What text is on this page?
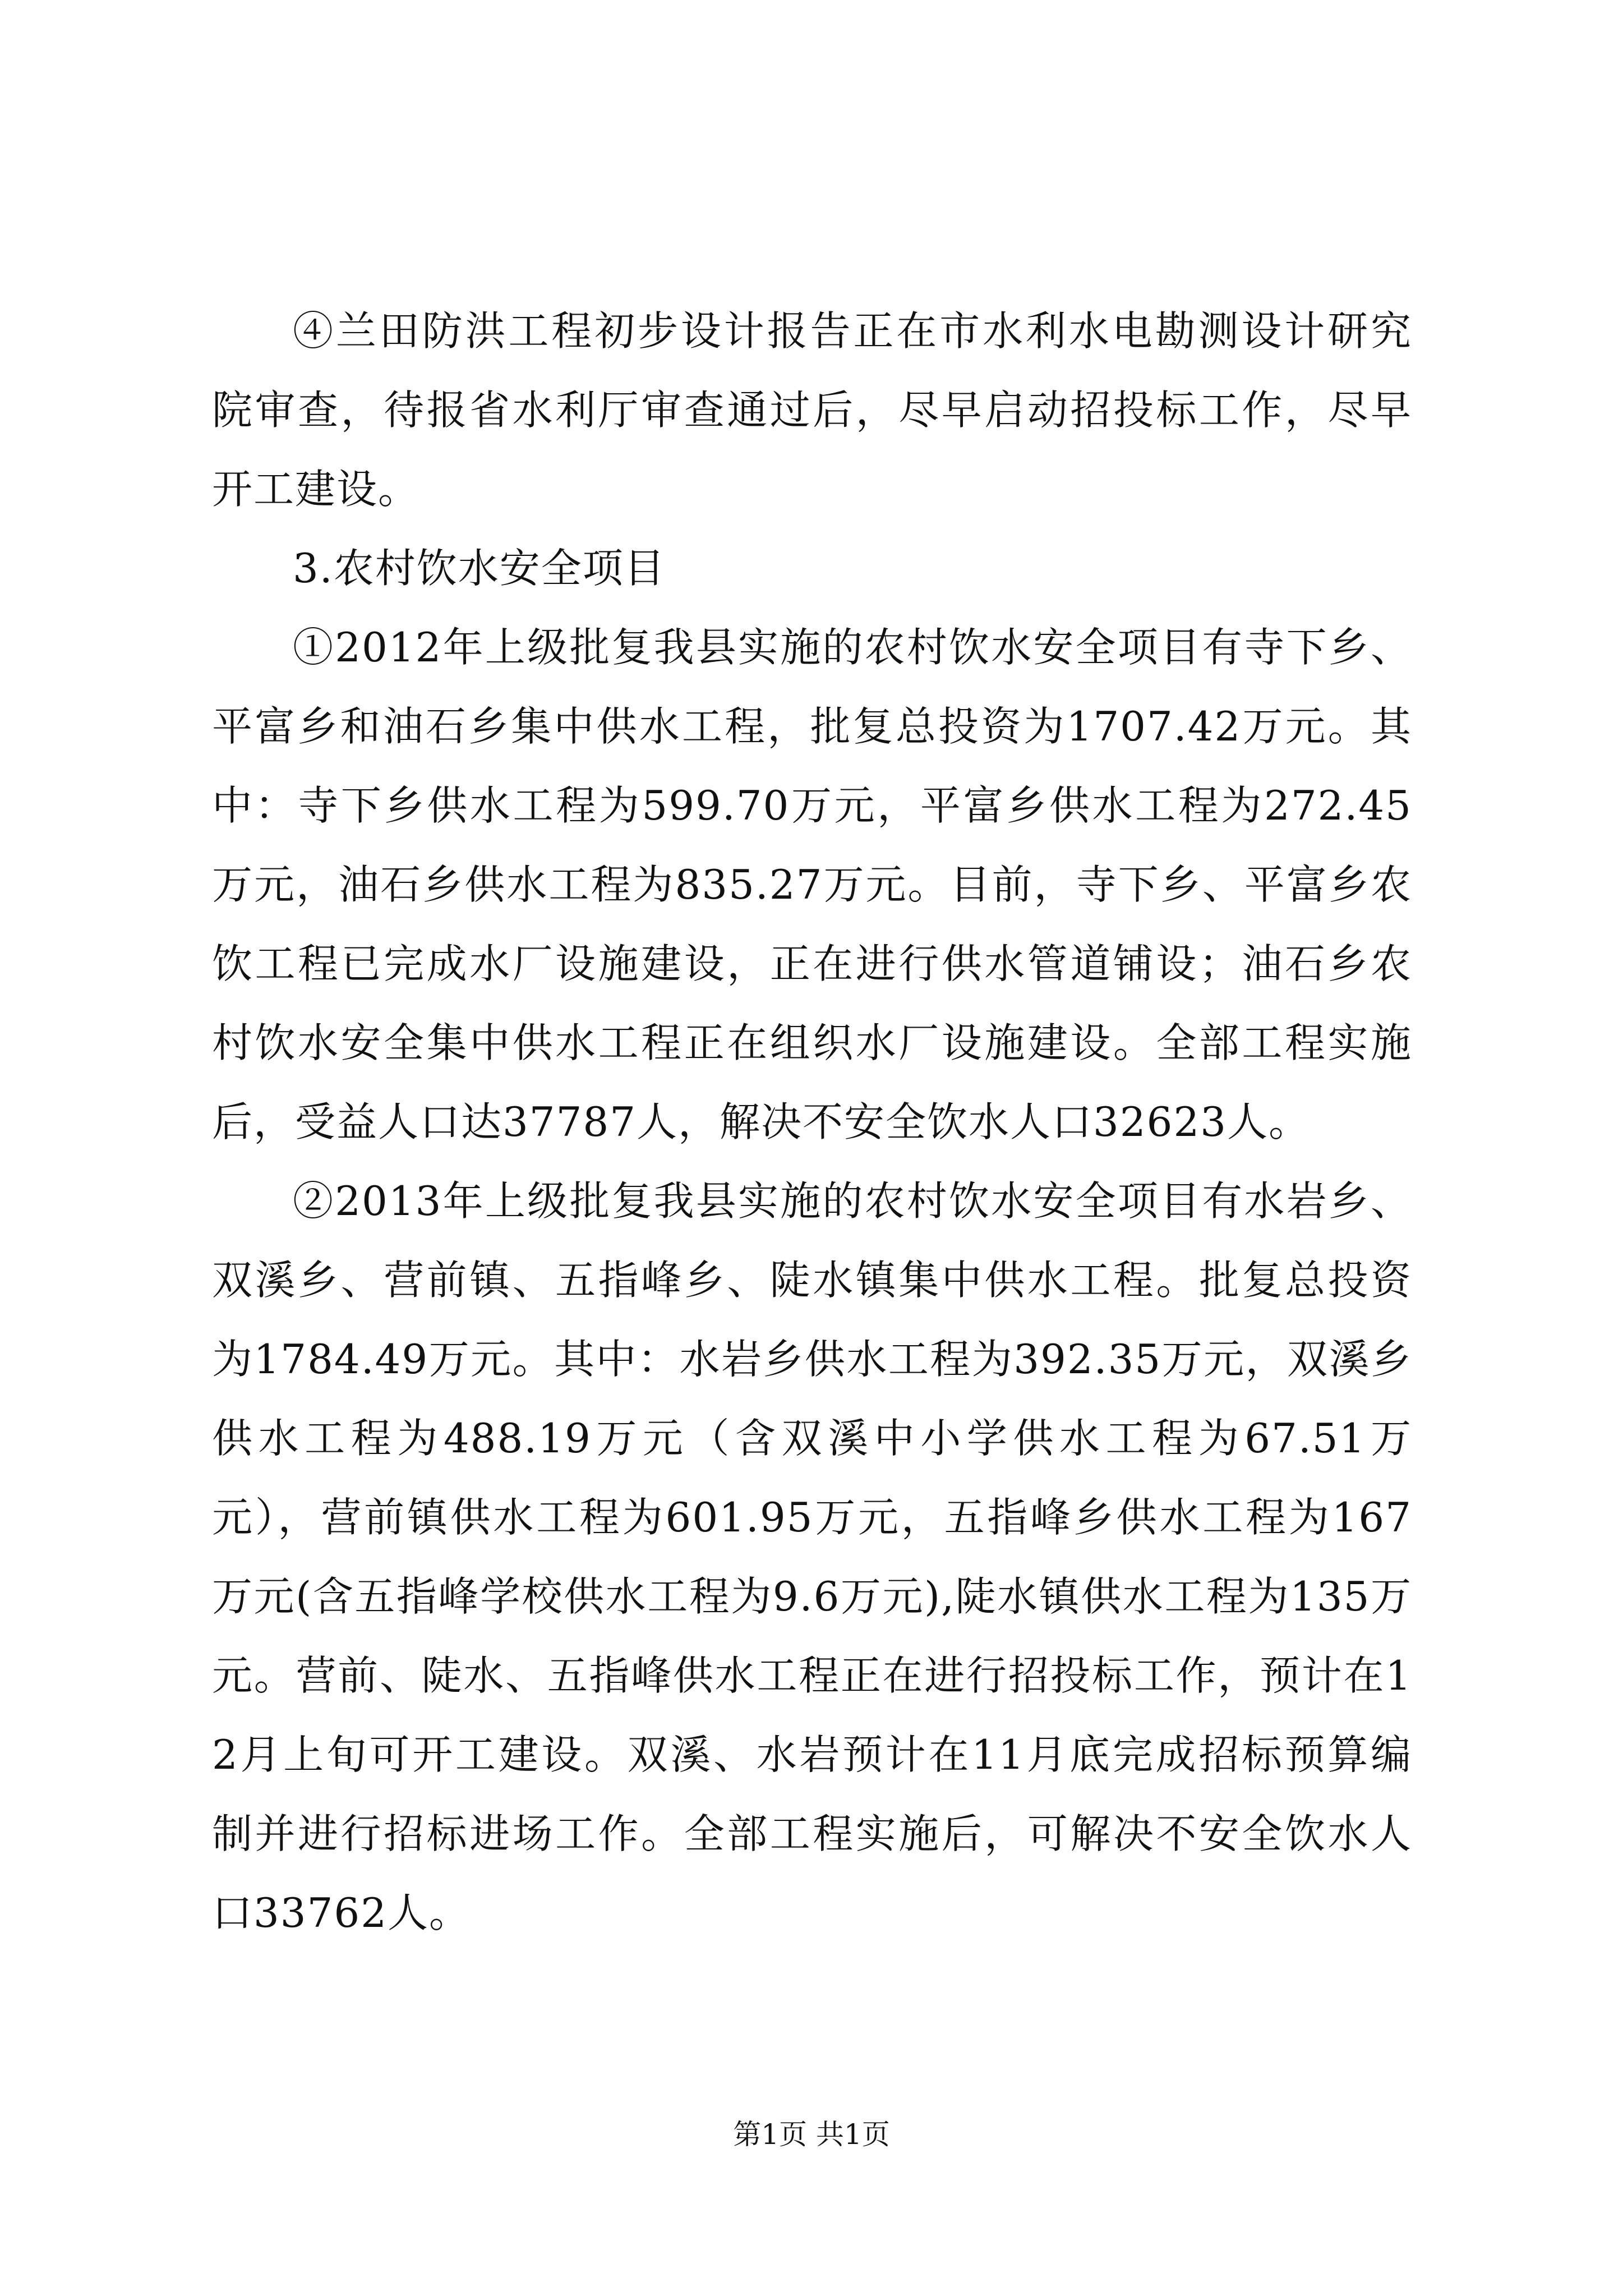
④兰田防洪工程初步设计报告正在市水利水电勘测设计研究院审查，待报省水利厅审查通过后，尽早启动招投标工作，尽早开工建设。

3.农村饮水安全项目

①2012年上级批复我县实施的农村饮水安全项目有寺下乡、平富乡和油石乡集中供水工程，批复总投资为1707.42万元。其中：寺下乡供水工程为599.70万元，平富乡供水工程为272.45万元，油石乡供水工程为835.27万元。目前，寺下乡、平富乡农饮工程已完成水厂设施建设，正在进行供水管道铺设；油石乡农村饮水安全集中供水工程正在组织水厂设施建设。全部工程实施后，受益人口达37787人，解决不安全饮水人口32623人。

②2013年上级批复我县实施的农村饮水安全项目有水岩乡、双溪乡、营前镇、五指峰乡、陡水镇集中供水工程。批复总投资为1784.49万元。其中：水岩乡供水工程为392.35万元，双溪乡供水工程为488.19万元（含双溪中小学供水工程为67.51万元），营前镇供水工程为601.95万元，五指峰乡供水工程为167万元(含五指峰学校供水工程为9.6万元),陡水镇供水工程为135万元。营前、陡水、五指峰供水工程正在进行招投标工作，预计在12月上旬可开工建设。双溪、水岩预计在11月底完成招标预算编制并进行招标进场工作。全部工程实施后，可解决不安全饮水人口33762人。

第1页 共1页
